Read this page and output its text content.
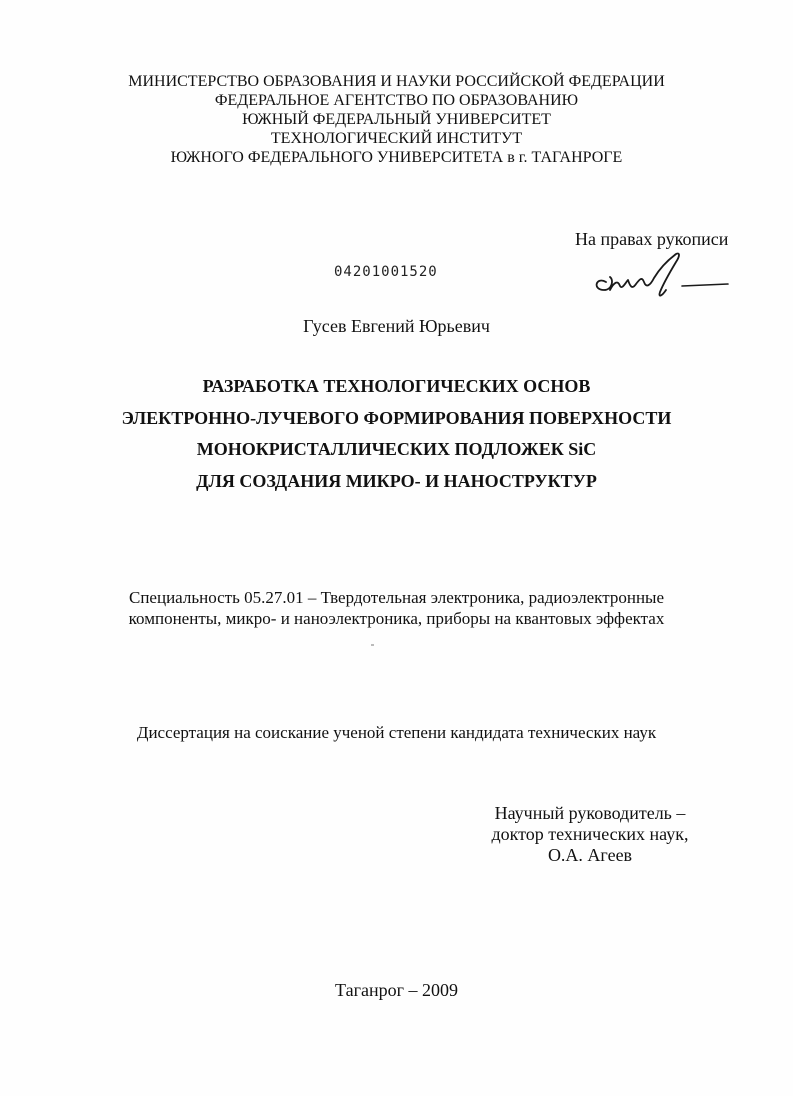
МИНИСТЕРСТВО ОБРАЗОВАНИЯ И НАУКИ РОССИЙСКОЙ ФЕДЕРАЦИИ
ФЕДЕРАЛЬНОЕ АГЕНТСТВО ПО ОБРАЗОВАНИЮ
ЮЖНЫЙ ФЕДЕРАЛЬНЫЙ УНИВЕРСИТЕТ
ТЕХНОЛОГИЧЕСКИЙ ИНСТИТУТ
ЮЖНОГО ФЕДЕРАЛЬНОГО УНИВЕРСИТЕТА в г. ТАГАНРОГЕ
На правах рукописи
04201001520
Гусев Евгений Юрьевич
РАЗРАБОТКА ТЕХНОЛОГИЧЕСКИХ ОСНОВ
ЭЛЕКТРОННО-ЛУЧЕВОГО ФОРМИРОВАНИЯ ПОВЕРХНОСТИ
МОНОКРИСТАЛЛИЧЕСКИХ ПОДЛОЖЕК SiC
ДЛЯ СОЗДАНИЯ МИКРО- И НАНОСТРУКТУР
Специальность 05.27.01 – Твердотельная электроника, радиоэлектронные
компоненты, микро- и наноэлектроника, приборы на квантовых эффектах
Диссертация на соискание ученой степени кандидата технических наук
Научный руководитель –
доктор технических наук,
О.А. Агеев
Таганрог – 2009
